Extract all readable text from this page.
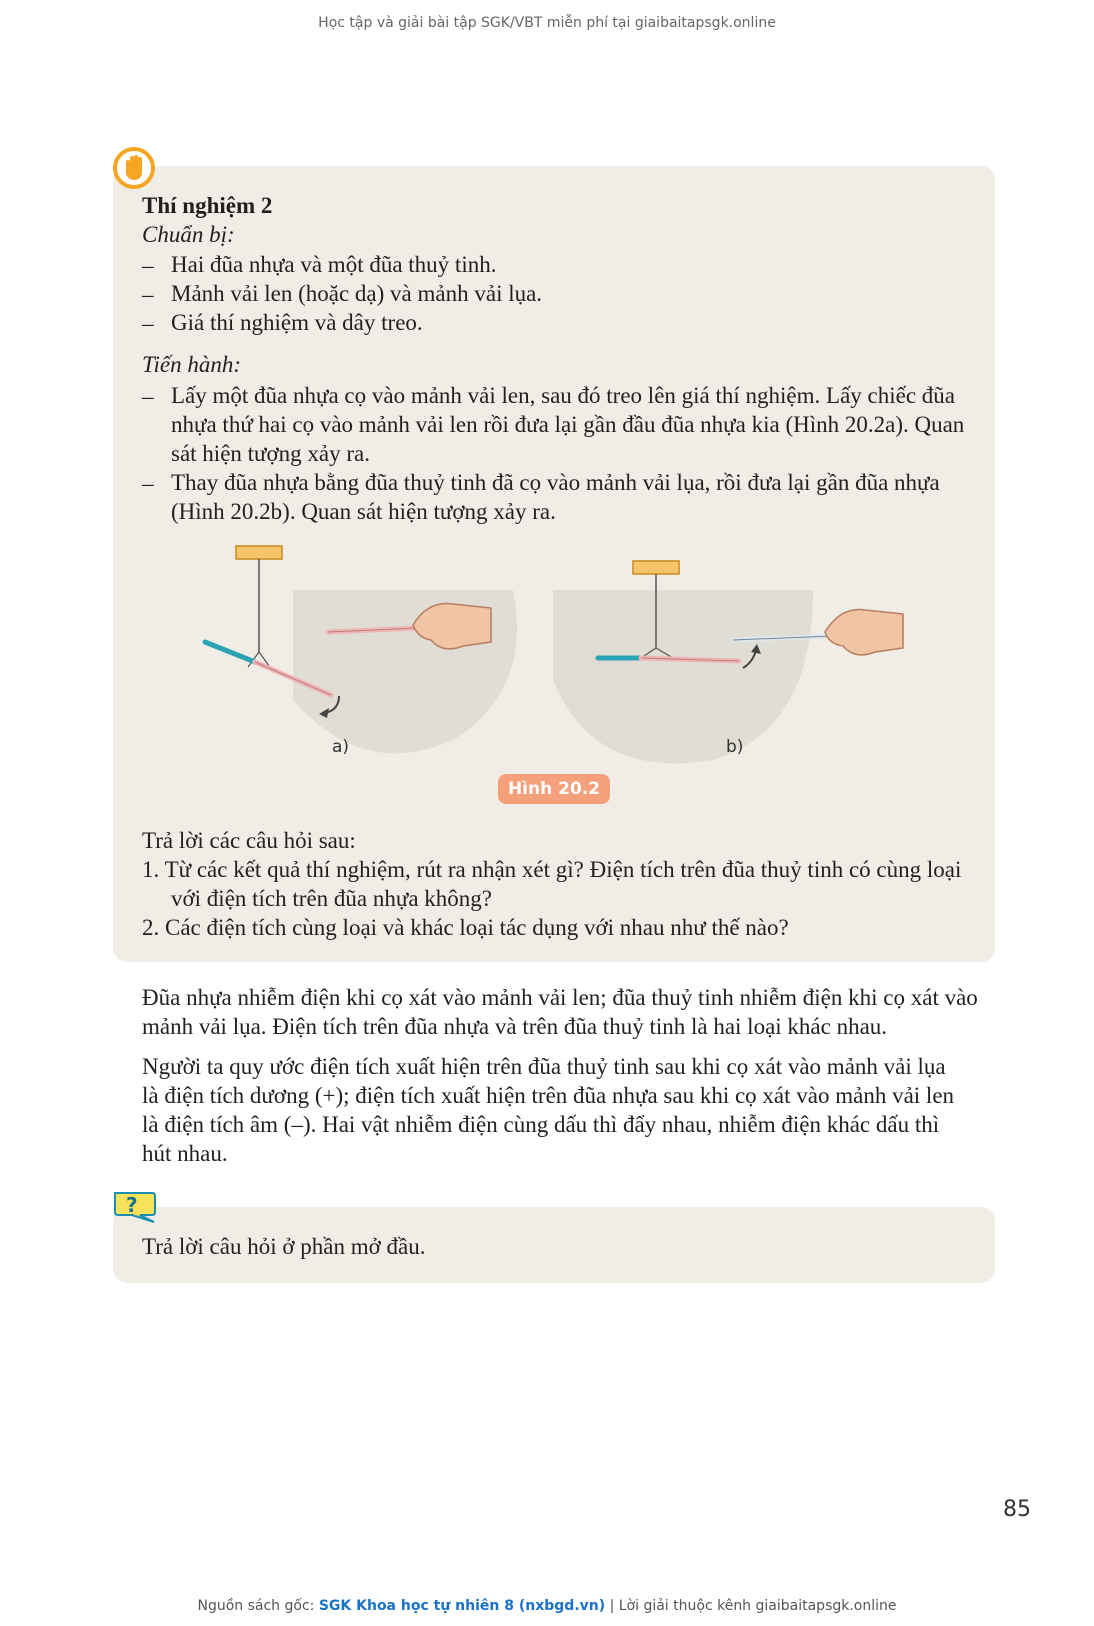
Học tập và giải bài tập SGK/VBT miễn phí tại giaibaitapsgk.online
Thí nghiệm 2
Chuẩn bị:
– Hai đũa nhựa và một đũa thuỷ tinh.
– Mảnh vải len (hoặc dạ) và mảnh vải lụa.
– Giá thí nghiệm và dây treo.
Tiến hành:
– Lấy một đũa nhựa cọ vào mảnh vải len, sau đó treo lên giá thí nghiệm. Lấy chiếc đũa
nhựa thứ hai cọ vào mảnh vải len rồi đưa lại gần đầu đũa nhựa kia (Hình 20.2a). Quan
sát hiện tượng xảy ra.
– Thay đũa nhựa bằng đũa thuỷ tinh đã cọ vào mảnh vải lụa, rồi đưa lại gần đũa nhựa
(Hình 20.2b). Quan sát hiện tượng xảy ra.
a)	b)
Hình 20.2
Trả lời các câu hỏi sau:
1. Từ các kết quả thí nghiệm, rút ra nhận xét gì? Điện tích trên đũa thuỷ tinh có cùng loại
với điện tích trên đũa nhựa không?
2. Các điện tích cùng loại và khác loại tác dụng với nhau như thế nào?
Đũa nhựa nhiễm điện khi cọ xát vào mảnh vải len; đũa thuỷ tinh nhiễm điện khi cọ xát vào
mảnh vải lụa. Điện tích trên đũa nhựa và trên đũa thuỷ tinh là hai loại khác nhau.
Người ta quy ước điện tích xuất hiện trên đũa thuỷ tinh sau khi cọ xát vào mảnh vải lụa
là điện tích dương (+); điện tích xuất hiện trên đũa nhựa sau khi cọ xát vào mảnh vải len
là điện tích âm (–). Hai vật nhiễm điện cùng dấu thì đẩy nhau, nhiễm điện khác dấu thì
hút nhau.
?
Trả lời câu hỏi ở phần mở đầu.
85
Nguồn sách gốc: SGK Khoa học tự nhiên 8 (nxbgd.vn) | Lời giải thuộc kênh giaibaitapsgk.online
